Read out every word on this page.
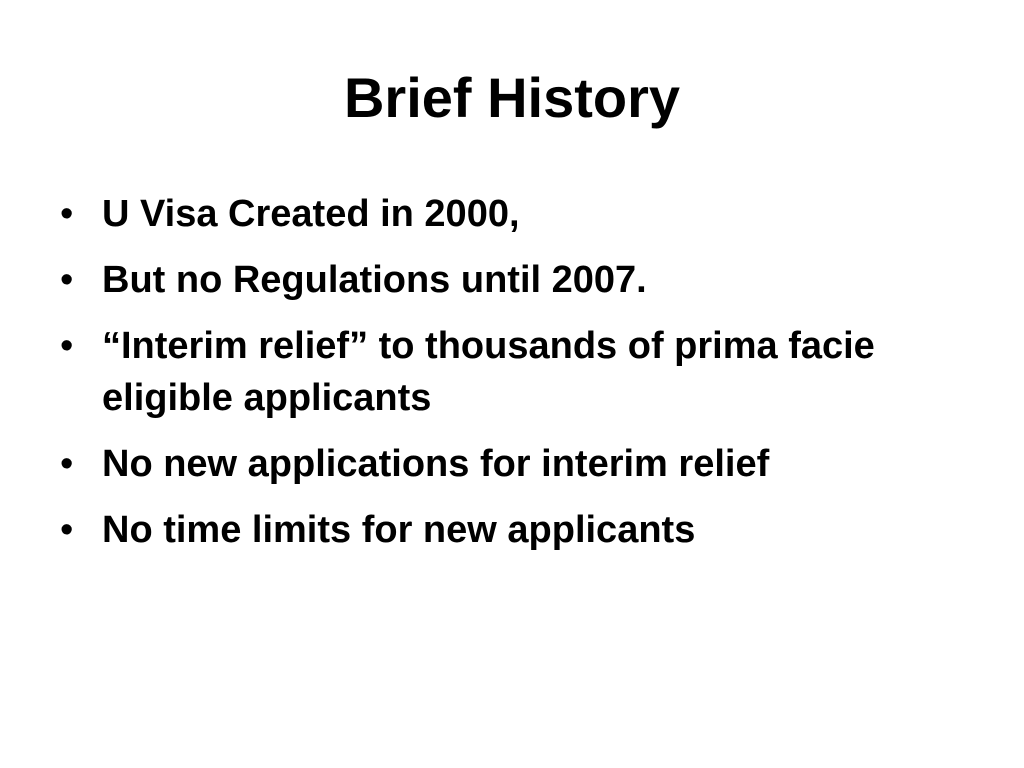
Brief History
• U Visa Created in 2000,
• But no Regulations until 2007.
• “Interim relief” to thousands of prima facie eligible applicants
• No new applications for interim relief
• No time limits for new applicants
